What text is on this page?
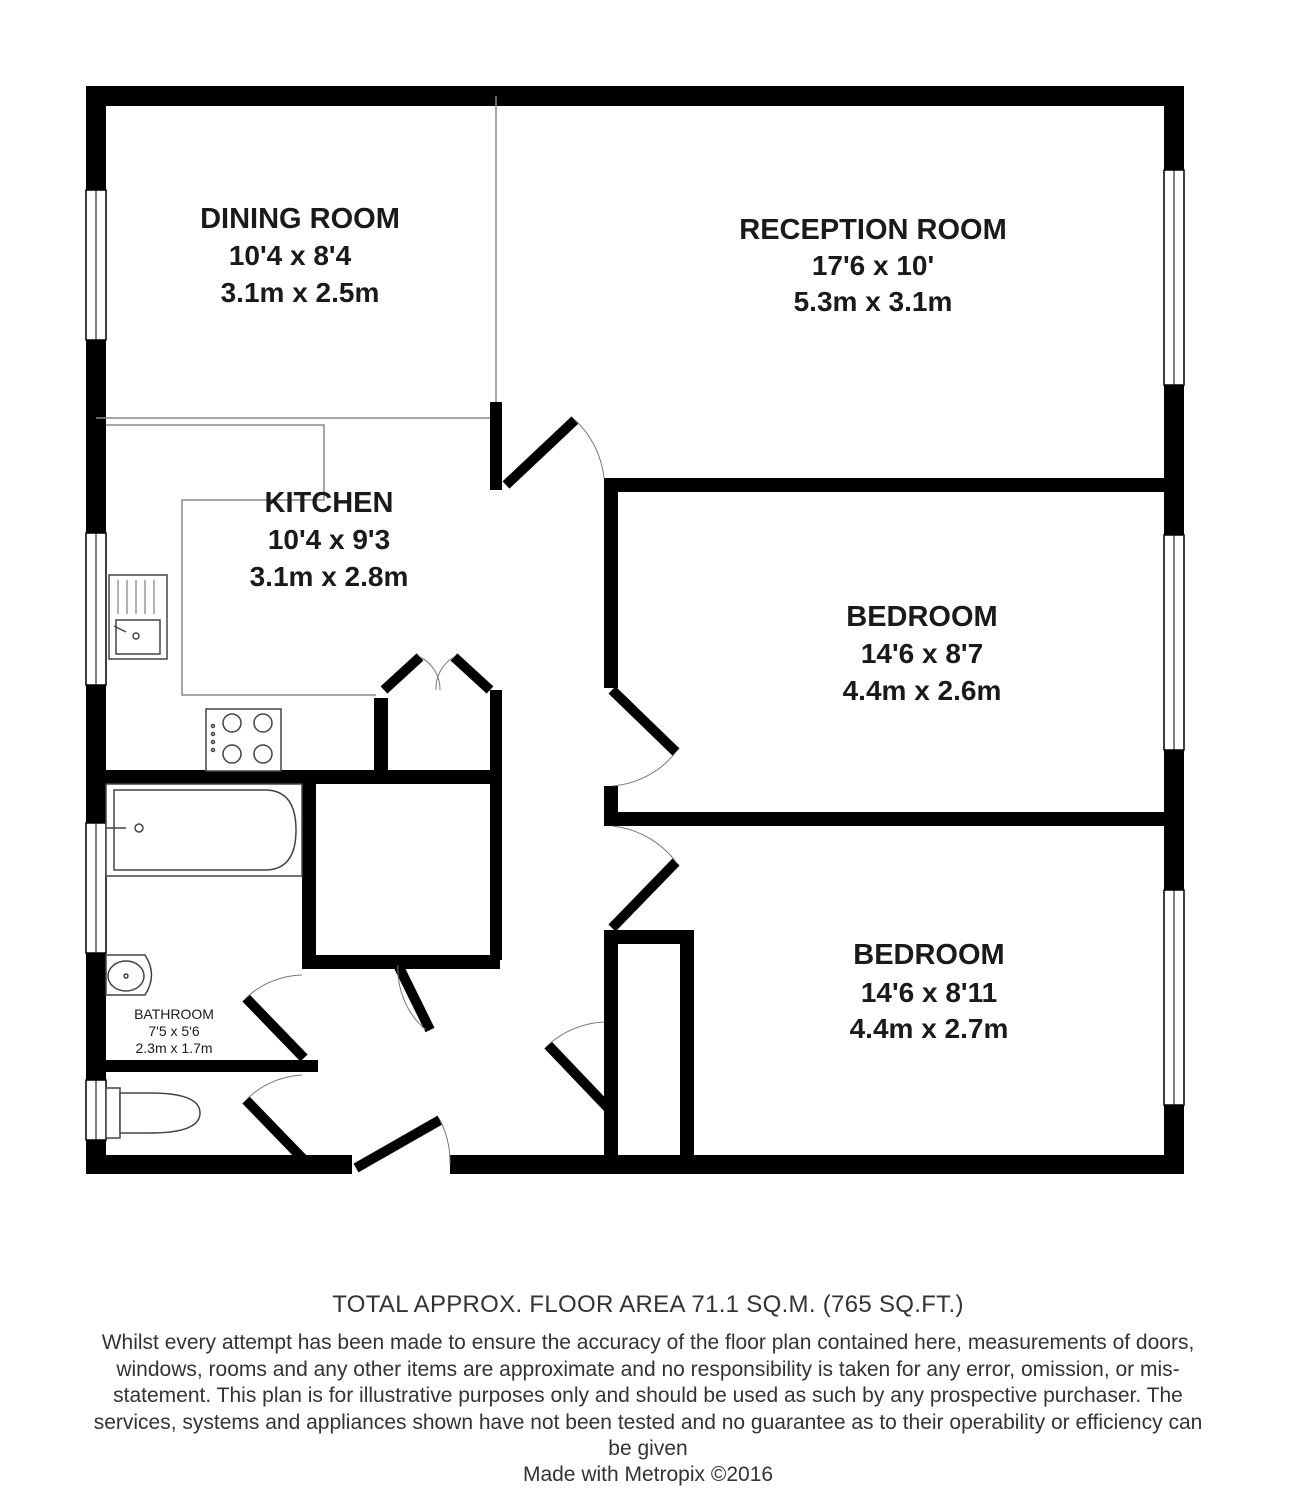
DINING ROOM
10'4 x 8'4
3.1m x 2.5m
RECEPTION ROOM
17'6 x 10'
5.3m x 3.1m
KITCHEN
10'4 x 9'3
3.1m x 2.8m
BEDROOM
14'6 x 8'7
4.4m x 2.6m
BEDROOM
14'6 x 8'11
4.4m x 2.7m
BATHROOM
7'5 x 5'6
2.3m x 1.7m
TOTAL APPROX. FLOOR AREA 71.1 SQ.M. (765 SQ.FT.)
Whilst every attempt has been made to ensure the accuracy of the floor plan contained here, measurements of doors, windows, rooms and any other items are approximate and no responsibility is taken for any error, omission, or mis-statement. This plan is for illustrative purposes only and should be used as such by any prospective purchaser. The services, systems and appliances shown have not been tested and no guarantee as to their operability or efficiency can be given
Made with Metropix ©2016
